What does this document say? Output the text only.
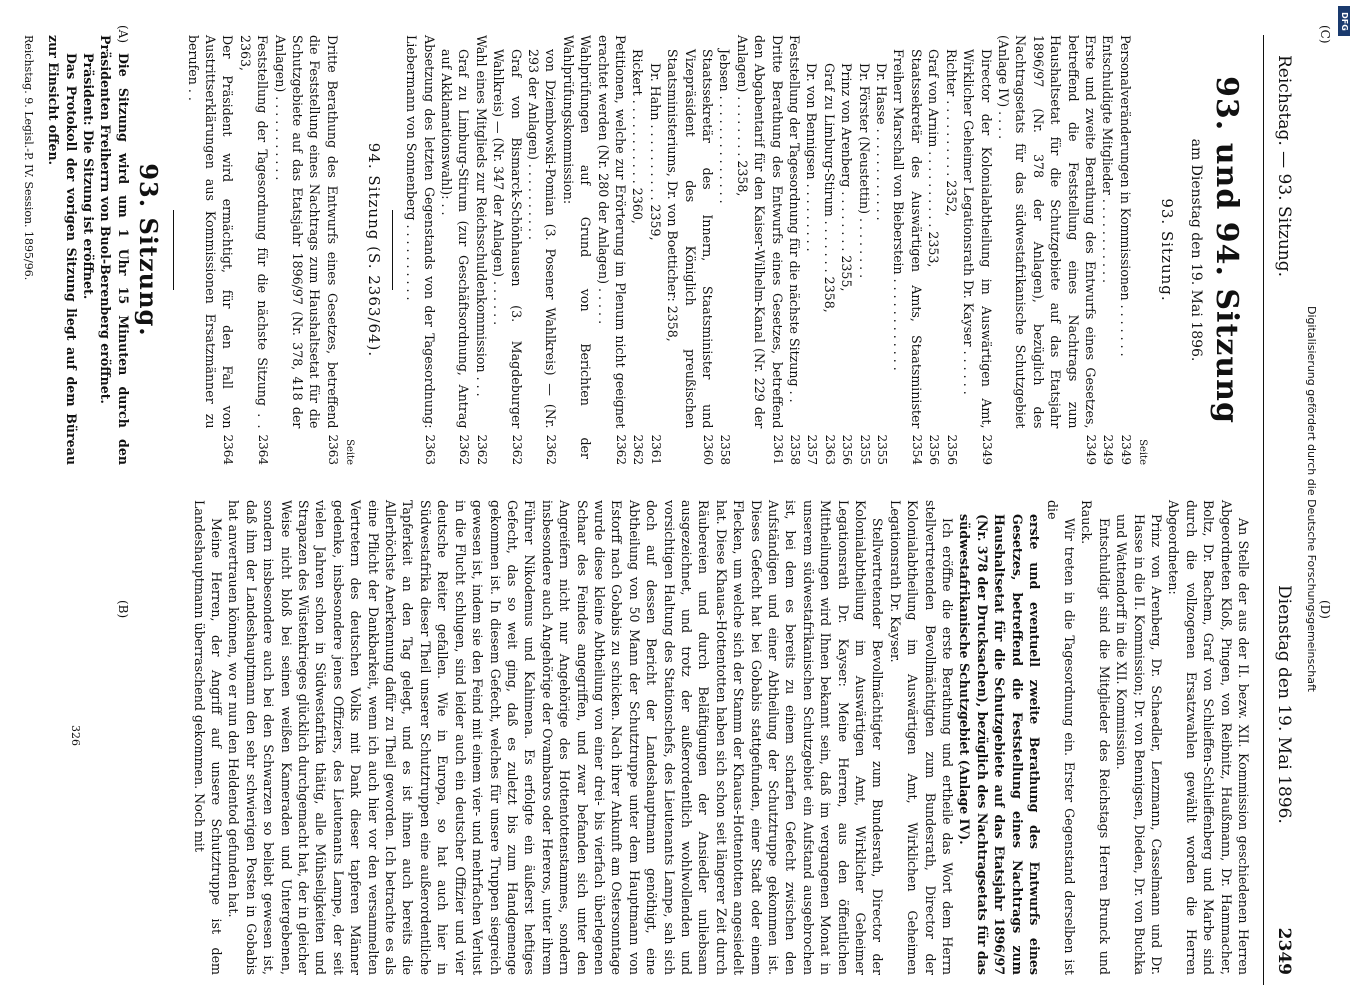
Reichstag. — 93. Sitzung.
Dienstag den 19. Mai 1896.
2349
(A)
(B)
(C)
(D)
93. und 94. Sitzung
am Dienstag den 19. Mai 1896.
93. Sitzung.
Seite
Personalveränderungen in Kommissionen . . . . . . .
2349
Entschuldigte Mitglieder . . . . . . . . . . .
2349
Erste und zweite Berathung des Entwurfs eines Gesetzes, betreffend die Feststellung eines Nachtrags zum Haushaltsetat für die Schutzgebiete auf das Etatsjahr 1896/97 (Nr. 378 der Anlagen), bezüglich des Nachtragsetats für das südwestafrikanische Schutzgebiet (Anlage IV) . . . .
2349
Director der Kolonialabtheilung im Auswärtigen Amt, Wirklicher Geheimer Legationsrath Dr. Kayser . . . . . .
2349
Richter . . . . . . . . . . 2352,
2356
Graf von Arnim . . . . . . . . . . 2353,
2356
Staatssekretär des Auswärtigen Amts, Staatsminister Freiherr Marschall von Bieberstein . . . . . . . . . . . .
2354
Dr. Hasse . . . . . . . . . . . .
2355
Dr. Förster (Neustettin) . . . . . . . .
2355
Prinz von Arenberg . . . . . . . . 2355,
2356
Graf zu Limburg-Stirum . . . . . . . 2358,
2363
Dr. von Bennigsen . . . . . . . . .
2357
Feststellung der Tagesordnung für die nächste Sitzung . .
2358
Dritte Berathung des Entwurfs eines Gesetzes, betreffend den Abgabentarif für den Kaiser-Wilhelm-Kanal (Nr. 229 der Anlagen) . . . . . . . . 2358,
2361
Jebsen . . . . . . . . . . . . . .
2358
Staatssekretär des Innern, Staatsminister und Vizepräsident des Königlich preußischen Staatsministeriums, Dr. von Boetticher: 2358,
2360
Dr. Hahn . . . . . . . . . . 2359,
2361
Rickert . . . . . . . . . . . 2360,
2362
Petitionen, welche zur Erörterung im Plenum nicht geeignet erachtet werden (Nr. 280 der Anlagen) . . . . .
2362
Wahlprüfungen auf Grund von Berichten der Wahlprüfungskommission:
von Dziembowski-Pomian (3. Posener Wahlkreis) — (Nr. 293 der Anlagen) . . . . . . . . . .
2362
Graf von Bismarck-Schönhausen (3. Magdeburger Wahlkreis) — (Nr. 347 der Anlagen) . . . . . .
2362
Wahl eines Mitglieds zur Reichsschuldenkommission . . .
2362
Graf zu Limburg-Stirum (zur Geschäftsordnung, Antrag auf Akklamationswahl): . .
2362
Absetzung des letzten Gegenstands von der Tagesordnung: Liebermann von Sonnenberg . . . . . . . . . .
2363
94. Sitzung (S. 2363/64).
Seite
Dritte Berathung des Entwurfs eines Gesetzes, betreffend die Feststellung eines Nachtrags zum Haushaltsetat für die Schutzgebiete auf das Etatsjahr 1896/97 (Nr. 378, 418 der Anlagen) . . . . . . . . . . .
2363
Feststellung der Tagesordnung für die nächste Sitzung . . 2363,
2364
Der Präsident wird ermächtigt, für den Fall von Austrittserklärungen aus Kommissionen Ersatzmänner zu berufen . .
2364
93. Sitzung.

Die Sitzung wird um 1 Uhr 15 Minuten durch den Präsidenten Freiherrn von Buol-Berenberg eröffnet.

Präsident: Die Sitzung ist eröffnet.

Das Protokoll der vorigen Sitzung liegt auf dem Büreau zur Einsicht offen.

Reichstag. 9. Legisl.-P. IV. Session. 1895/96.

An Stelle der aus der II. bezw. XII. Kommission geschiedenen Herren Abgeordneten Kloß, Pingen, von Reibnitz, Haußmann, Dr. Hammacher, Boltz, Dr. Bachem, Graf von Schlieffen-Schlieffenberg und Marbe sind durch die vollzogenen Ersatzwahlen gewählt worden die Herren Abgeordneten:

Prinz von Arenberg, Dr. Schaedler, Lenzmann, Casselmann und Dr. Hasse in die II. Kommission; Dr. von Bennigsen, Dieden, Dr. von Buchka und Wattendorff in die XII. Kommission.

Entschuldigt sind die Mitglieder des Reichstags Herren Brunck und Rauck.

Wir treten in die Tagesordnung ein. Erster Gegenstand derselben ist die

erste und eventuell zweite Berathung des Entwurfs eines Gesetzes, betreffend die Feststellung eines Nachtrags zum Haushaltsetat für die Schutzgebiete auf das Etatsjahr 1896/97 (Nr. 378 der Drucksachen), bezüglich des Nachtragsetats für das südwestafrikanische Schutzgebiet (Anlage IV).

Ich eröffne die erste Berathung und ertheile das Wort dem Herrn stellvertretenden Bevollmächtigten zum Bundesrath, Director der Kolonialabtheilung im Auswärtigen Amt, Wirklichen Geheimen Legationsrath Dr. Kayser.

Stellvertretender Bevollmächtigter zum Bundesrath, Director der Kolonialabtheilung im Auswärtigen Amt, Wirklicher Geheimer Legationsrath Dr. Kayser: Meine Herren, aus den öffentlichen Mittheilungen wird Ihnen bekannt sein, daß im vergangenen Monat in unserem südwestafrikanischen Schutzgebiet ein Aufstand ausgebrochen ist, bei dem es bereits zu einem scharfen Gefecht zwischen den Aufständigen und einer Abtheilung der Schutztruppe gekommen ist. Dieses Gefecht hat bei Gobabis stattgefunden, einer Stadt oder einem Flecken, um welche sich der Stamm der Khauas-Hottentotten angesiedelt hat. Diese Khauas-Hottentotten haben sich schon seit längerer Zeit durch Räubereien und durch Beläftigungen der Ansiedler unliebsam ausgezeichnet, und trotz der außerordentlich wohlwollenden und vorsichtigen Haltung des Stationschefs, des Lieutenants Lampe, sah sich doch auf dessen Bericht der Landeshauptmann genöthigt, eine Abtheilung von 50 Mann der Schutztruppe unter dem Hauptmann von Estorff nach Gobabis zu schicken. Nach ihrer Ankunft am Ostersonntage wurde diese kleine Abtheilung von einer drei- bis vierfach überlegenen Schaar des Feindes angegriffen, und zwar befanden sich unter den Angreifern nicht nur Angehörige des Hottentottenstammes, sondern insbesondere auch Angehörige der Ovambaros oder Hereros, unter ihrem Führer Nikodemus und Kahimena. Es erfolgte ein äußerst heftiges Gefecht, das so weit ging, daß es zuletzt bis zum Handgemenge gekommen ist. In diesem Gefecht, welches für unsere Truppen siegreich gewesen ist, indem sie den Feind mit einem vier- und mehrfachen Verlust in die Flucht schlugen, sind leider auch ein deutscher Offizier und vier deutsche Reiter gefallen. Wie in Europa, so hat auch hier in Südwestafrika dieser Theil unserer Schutztruppen eine außerordentliche Tapferkeit an den Tag gelegt, und es ist ihnen auch bereits die Allerhöchste Anerkennung dafür zu Theil geworden. Ich betrachte es als eine Pflicht der Dankbarkeit, wenn ich auch hier vor den versammelten Vertretern des deutschen Volks mit Dank dieser tapferen Männer gedenke, insbesondere jenes Offiziers, des Lieutenants Lampe, der seit vielen Jahren schon in Südwestafrika thätig, alle Mühseligkeiten und Strapazen des Wüstenkrieges glücklich durchgemacht hat, der in gleicher Weise nicht bloß bei seinen weißen Kameraden und Untergebenen, sondern insbesondere auch bei den Schwarzen so beliebt gewesen ist, daß ihm der Landeshauptmann den sehr schwierigen Posten in Gobabis hat anvertrauen können, wo er nun den Heldentod gefunden hat.

Meine Herren, der Angriff auf unsere Schutztruppe ist dem Landeshauptmann überraschend gekommen. Noch mit

326
Digitalisierung gefördert durch die Deutsche Forschungsgemeinschaft
DFG
